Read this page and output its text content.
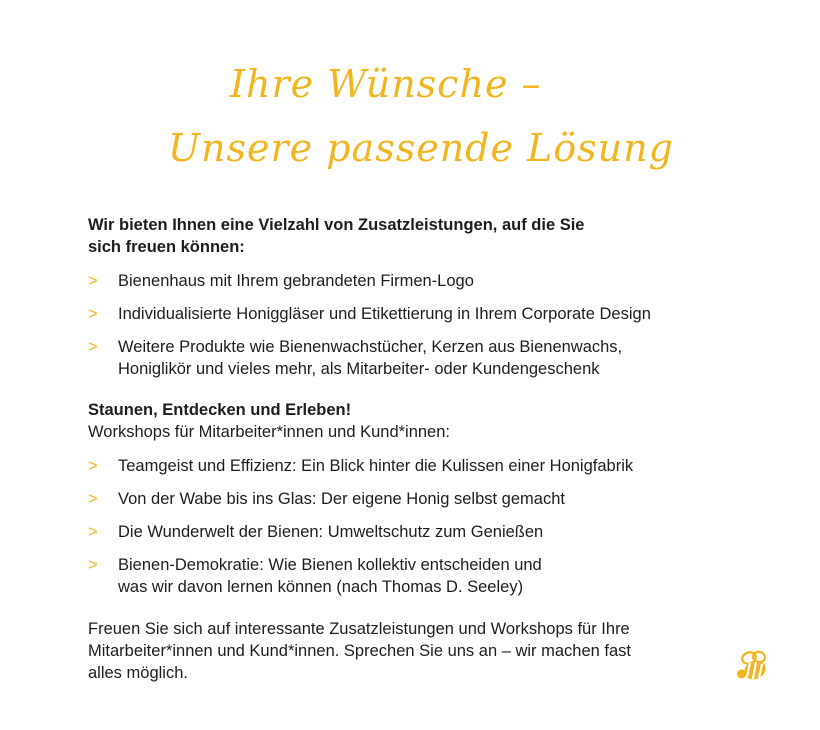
Ihre Wünsche –
Unsere passende Lösung
Wir bieten Ihnen eine Vielzahl von Zusatzleistungen, auf die Sie
sich freuen können:
> Bienenhaus mit Ihrem gebrandeten Firmen-Logo
> Individualisierte Honiggläser und Etikettierung in Ihrem Corporate Design
> Weitere Produkte wie Bienenwachstücher, Kerzen aus Bienenwachs,
Honiglikör und vieles mehr, als Mitarbeiter- oder Kundengeschenk
Staunen, Entdecken und Erleben!
Workshops für Mitarbeiter*innen und Kund*innen:
> Teamgeist und Effizienz: Ein Blick hinter die Kulissen einer Honigfabrik
> Von der Wabe bis ins Glas: Der eigene Honig selbst gemacht
> Die Wunderwelt der Bienen: Umweltschutz zum Genießen
> Bienen-Demokratie: Wie Bienen kollektiv entscheiden und
was wir davon lernen können (nach Thomas D. Seeley)
Freuen Sie sich auf interessante Zusatzleistungen und Workshops für Ihre
Mitarbeiter*innen und Kund*innen. Sprechen Sie uns an – wir machen fast
alles möglich.
